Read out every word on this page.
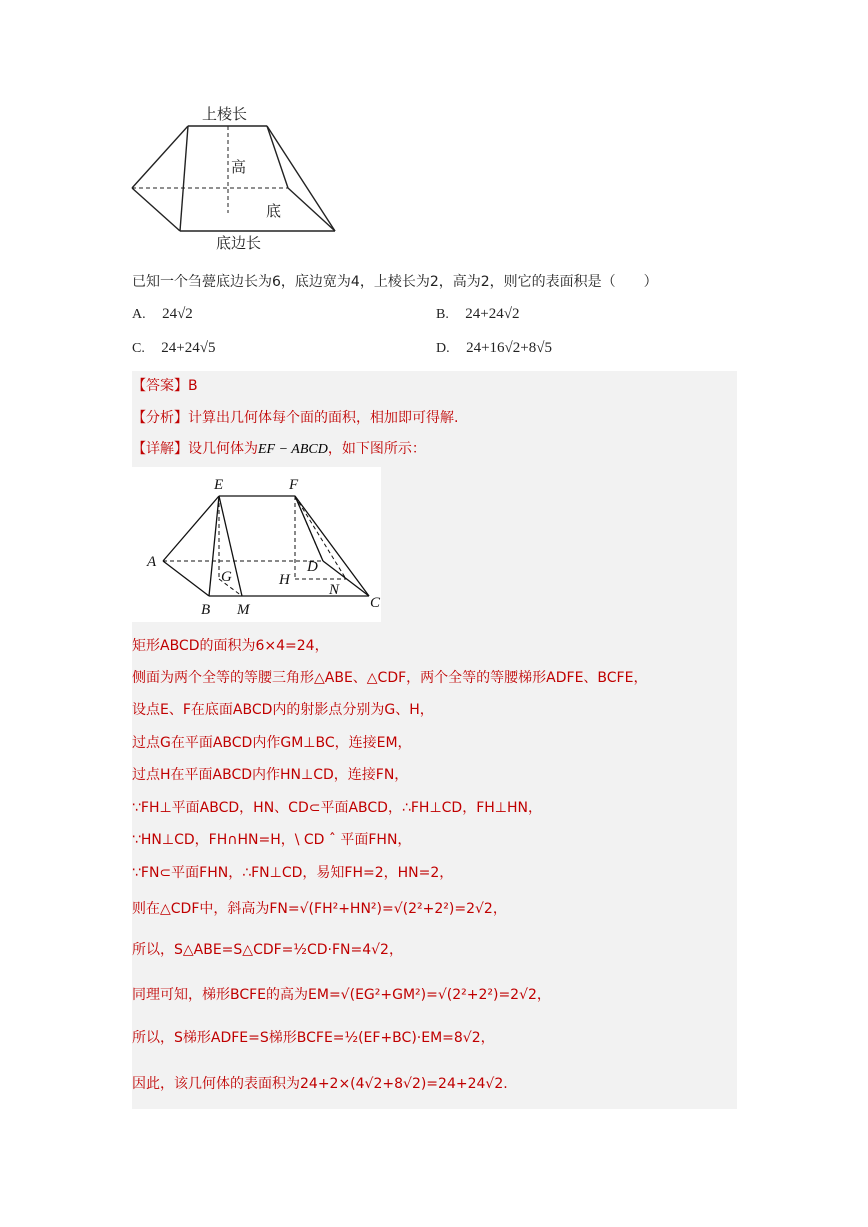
上棱长
高
底
底边长
已知一个刍甍底边长为6，底边宽为4，上棱长为2，高为2，则它的表面积是（　　）
A. 24√2	B. 24+24√2
C. 24+24√5	D. 24+16√2+8√5
【答案】B
【分析】计算出几何体每个面的面积，相加即可得解.
【详解】设几何体为EF − ABCD，如下图所示：
E	F
A
G	H
D
N
B M	C
矩形ABCD的面积为6×4=24，
侧面为两个全等的等腰三角形△ABE、△CDF，两个全等的等腰梯形ADFE、BCFE，
设点E、F在底面ABCD内的射影点分别为G、H，
过点G在平面ABCD内作GM⊥BC，连接EM，
过点H在平面ABCD内作HN⊥CD，连接FN，
∵FH⊥平面ABCD，HN、CD⊂平面ABCD，∴FH⊥CD，FH⊥HN，
∵HN⊥CD，FH∩HN=H，\ CD ˆ 平面FHN，
∵FN⊂平面FHN，∴FN⊥CD，易知FH=2，HN=2，
则在△CDF中，斜高为FN=√(FH²+HN²)=√(2²+2²)=2√2，
所以，S△ABE=S△CDF=½CD·FN=4√2，
同理可知，梯形BCFE的高为EM=√(EG²+GM²)=√(2²+2²)=2√2，
所以，S梯形ADFE=S梯形BCFE=½(EF+BC)·EM=8√2，
因此，该几何体的表面积为24+2×(4√2+8√2)=24+24√2.
